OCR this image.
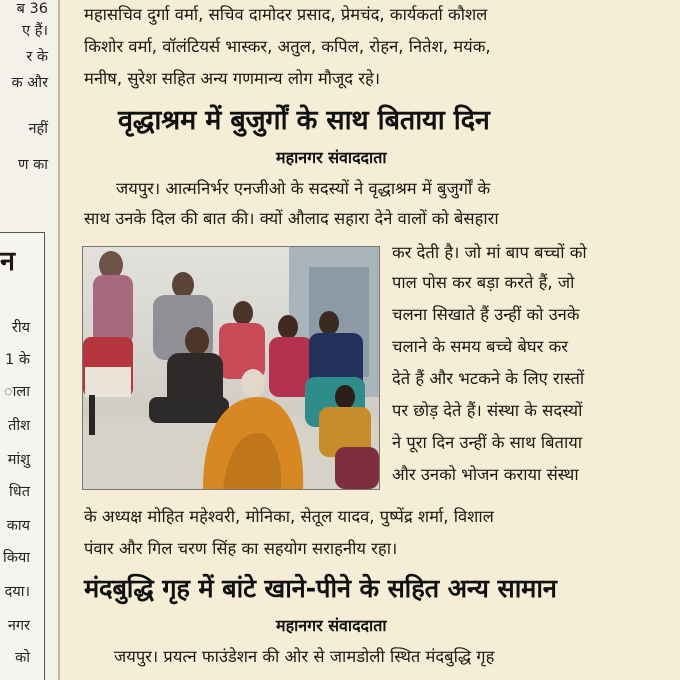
ब 36
ए हैं।
र के
क और
नहीं
ण का
न
रीय
1 के
ाला
तीश
मांशु
धित
काय
किया
दया।
नगर
को
महासचिव दुर्गा वर्मा, सचिव दामोदर प्रसाद, प्रेमचंद, कार्यकर्ता कौशल
किशोर वर्मा, वॉलंटियर्स भास्कर, अतुल, कपिल, रोहन, नितेश, मयंक,
मनीष, सुरेश सहित अन्य गणमान्य लोग मौजूद रहे।
वृद्धाश्रम में बुजुर्गों के साथ बिताया दिन
महानगर संवाददाता
जयपुर। आत्मनिर्भर एनजीओ के सदस्यों ने वृद्धाश्रम में बुजुर्गों के
साथ उनके दिल की बात की। क्यों औलाद सहारा देने वालों को बेसहारा
कर देती है। जो मां बाप बच्चों को
पाल पोस कर बड़ा करते हैं, जो
चलना सिखाते हैं उन्हीं को उनके
चलाने के समय बच्चे बेघर कर
देते हैं और भटकने के लिए रास्तों
पर छोड़ देते हैं। संस्था के सदस्यों
ने पूरा दिन उन्हीं के साथ बिताया
और उनको भोजन कराया संस्था
के अध्यक्ष मोहित महेश्वरी, मोनिका, सेतूल यादव, पुष्पेंद्र शर्मा, विशाल
पंवार और गिल चरण सिंह का सहयोग सराहनीय रहा।
मंदबुद्धि गृह में बांटे खाने-पीने के सहित अन्य सामान
महानगर संवाददाता
जयपुर। प्रयत्न फाउंडेशन की ओर से जामडोली स्थित मंदबुद्धि गृह
